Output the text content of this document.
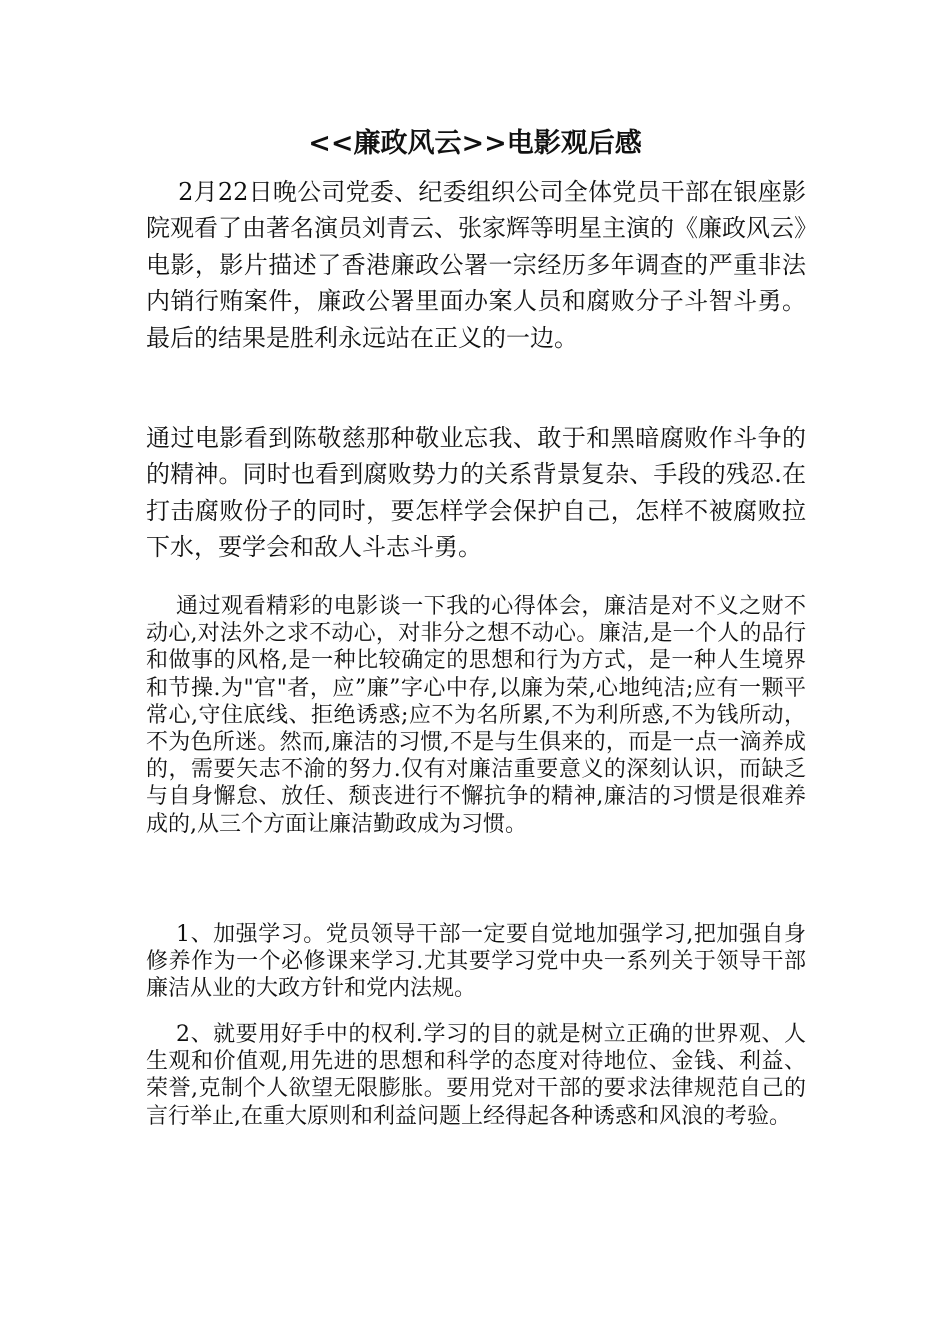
<<廉政风云>>电影观后感

　 2月22日晚公司党委、纪委组织公司全体党员干部在银座影院观看了由著名演员刘青云、张家辉等明星主演的《廉政风云》电影，影片描述了香港廉政公署一宗经历多年调查的严重非法内销行贿案件，廉政公署里面办案人员和腐败分子斗智斗勇。最后的结果是胜利永远站在正义的一边。

通过电影看到陈敬慈那种敬业忘我、敢于和黑暗腐败作斗争的的精神。同时也看到腐败势力的关系背景复杂、手段的残忍.在打击腐败份子的同时，要怎样学会保护自己，怎样不被腐败拉下水，要学会和敌人斗志斗勇。

　 通过观看精彩的电影谈一下我的心得体会，廉洁是对不义之财不动心,对法外之求不动心，对非分之想不动心。廉洁,是一个人的品行和做事的风格,是一种比较确定的思想和行为方式，是一种人生境界和节操.为"官"者，应”廉”字心中存,以廉为荣,心地纯洁;应有一颗平常心,守住底线、拒绝诱惑;应不为名所累,不为利所惑,不为钱所动，不为色所迷。然而,廉洁的习惯,不是与生俱来的，而是一点一滴养成的，需要矢志不渝的努力.仅有对廉洁重要意义的深刻认识，而缺乏与自身懈怠、放任、颓丧进行不懈抗争的精神,廉洁的习惯是很难养成的,从三个方面让廉洁勤政成为习惯。

　 1、加强学习。党员领导干部一定要自觉地加强学习,把加强自身修养作为一个必修课来学习.尤其要学习党中央一系列关于领导干部廉洁从业的大政方针和党内法规。

　 2、就要用好手中的权利.学习的目的就是树立正确的世界观、人生观和价值观,用先进的思想和科学的态度对待地位、金钱、利益、荣誉,克制个人欲望无限膨胀。要用党对干部的要求法律规范自己的言行举止,在重大原则和利益问题上经得起各种诱惑和风浪的考验。
